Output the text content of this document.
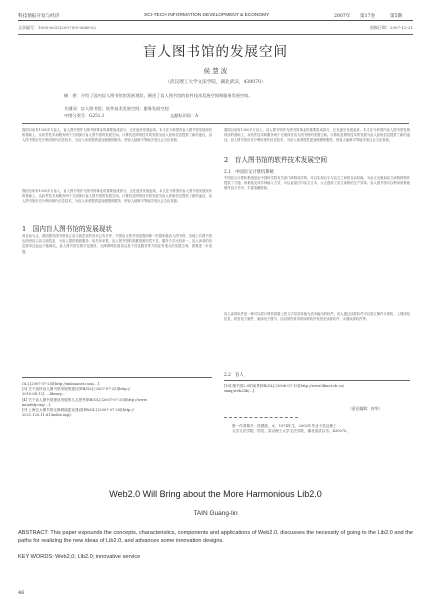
科技情报开发与经济	SCI-TECH INFORMATION DEVELOPMENT & ECONOMY	2007年 第17卷	第5期
文章编号：1005-6033(2007)05-0046-02	收稿日期：2007-12-21
盲人图书馆的发展空间
侯 慧 波
（武汉理工大学文法学院，湖北武汉，430070）
摘　要：介绍了国内盲人图书馆的发展现状，阐述了盲人图书馆的软件技术发展空间和服务发展空间。
关键词：盲人图书馆；软件技术发展空间；服务发展空间
中图分类号：G251.1	文献标识码：A
我国目前有1300多万盲人，盲人图书馆作为图书馆事业的重要组成部分，正在逐步发展起来。本文在分析国内盲人图书馆发展现状的基础上，从软件技术和服务两个方面探讨盲人图书馆的发展空间。计算机及网络技术的发展为盲人获取信息提供了新的途径，盲人图书馆应充分利用现代信息技术，为盲人读者提供更加便捷的服务，使盲人能够平等地享受社会文化资源。
我国目前有1300多万盲人，盲人图书馆作为图书馆事业的重要组成部分，正在逐步发展起来。本文在分析国内盲人图书馆发展现状的基础上，从软件技术和服务两个方面探讨盲人图书馆的发展空间。计算机及网络技术的发展为盲人获取信息提供了新的途径，盲人图书馆应充分利用现代信息技术，为盲人读者提供更加便捷的服务，使盲人能够平等地享受社会文化资源。
1　国内盲人图书馆的发展现状
到目前为止，我国建有图书馆设立盲文阅览室的省市已有多家，中国盲文图书馆是我国唯一的国家级盲人图书馆。各地公共图书馆也纷纷设立盲文阅览室，为盲人提供借阅服务。但总体来看，盲人图书馆的馆藏资源仍然不足，服务方式比较单一，盲人读者的信息需求还远远不能满足。盲人图书馆在数字化建设、无障碍网站建设以及个性化服务等方面还有很大的发展空间，需要进一步加强。
我国目前有1300多万盲人，盲人图书馆作为图书馆事业的重要组成部分，正在逐步发展起来。本文在分析国内盲人图书馆发展现状的基础上，从软件技术和服务两个方面探讨盲人图书馆的发展空间。计算机及网络技术的发展为盲人获取信息提供了新的途径，盲人图书馆应充分利用现代信息技术，为盲人读者提供更加便捷的服务，使盲人能够平等地享受社会文化资源。
2　盲人图书馆的软件技术发展空间
2.1　中国盲文计算机系统
中国盲文计算机系统是由中国科学院有关部门研制成功的，可以实现汉字与盲文之间的自动转换，为盲文出版和盲文读物的制作提供了方便。该系统支持多种输入方式，可以直接打印盲文文本，大大提高了盲文读物的生产效率。盲人图书馆可以利用该系统制作盲文书刊，丰富馆藏资源。
盲人读屏软件是一种可以将计算机屏幕上的文字信息转换为语音输出的软件，盲人通过读屏软件可以独立操作计算机，上网浏览信息，收发电子邮件，阅读电子图书。目前国内常用的读屏软件有阳光读屏软件、永德读屏软件等。
2.2　盲人
OL].(2007-07-25)[http://xinhuanet.com/...].
[3] 关于加快盲人图书馆发展的建议[EB/OL].(2007-07-25)[http://
2010-04-12]. ...library...
[4] 关于盲人图书馆建设发展的几点思考[EB/OL].(2007-07-25)[http://www.
monthly.org/...].
[5] 上海交大图书馆无障碍阅览室建设[EB/OL].(2007-07-25)[http://
2021.120.11.61/index.asp].
[10] 图书馆2.0的前景[EB/OL].(2006-07-15)[http://www.libnet.sh.cn/
sixiq/web2lib/...].
（责任编辑：何华）
第一作者简介：侯慧波，女，1974年生，2002年毕业于武汉理工
大学文法学院，馆员，武汉理工大学文法学院，湖北省武汉市，430070。
Web2.0 Will Bring about the More Harmonious Lib2.0
TAIN Guang-lin
ABSTRACT: This paper expounds the concepts, characteristics, components and applications of Web2.0, discusses the necessity of going to the Lib2.0 and the paths for realizing the new ideas of Lib2.0, and advances some innovation designs.
KEY WORDS: Web2.0; Lib2.0; innovative service
46
